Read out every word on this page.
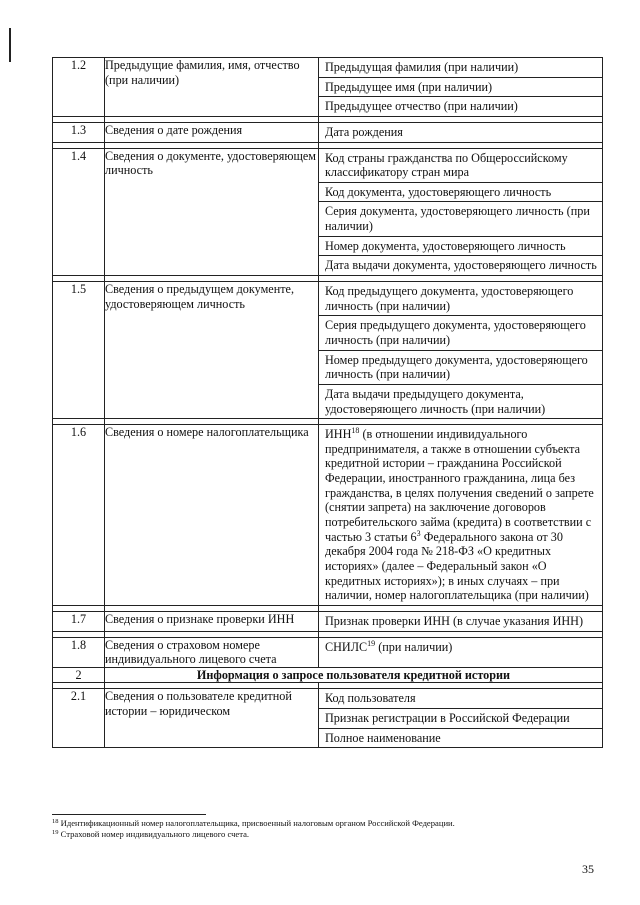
1.2	Предыдущие фамилия, имя, отчество (при наличии)	Предыдущая фамилия (при наличии)
Предыдущее имя (при наличии)
Предыдущее отчество (при наличии)

1.3	Сведения о дате рождения	Дата рождения

1.4	Сведения о документе, удостоверяющем личность	Код страны гражданства по Общероссийскому классификатору стран мира
Код документа, удостоверяющего личность
Серия документа, удостоверяющего личность (при наличии)
Номер документа, удостоверяющего личность
Дата выдачи документа, удостоверяющего личность

1.5	Сведения о предыдущем документе, удостоверяющем личность	Код предыдущего документа, удостоверяющего личность (при наличии)
Серия предыдущего документа, удостоверяющего личность (при наличии)
Номер предыдущего документа, удостоверяющего личность (при наличии)
Дата выдачи предыдущего документа, удостоверяющего личность (при наличии)

1.6	Сведения о номере налогоплательщика	ИНН$^{18}$ (в отношении индивидуального предпринимателя, а также в отношении субъекта кредитной истории – гражданина Российской Федерации, иностранного гражданина, лица без гражданства, в целях получения сведений о запрете (снятии запрета) на заключение договоров потребительского займа (кредита) в соответствии с частью 3 статьи $6^3$ Федерального закона от 30 декабря 2004 года № 218-ФЗ «О кредитных историях» (далее – Федеральный закон «О кредитных историях»); в иных случаях – при наличии, номер налогоплательщика (при наличии)

1.7	Сведения о признаке проверки ИНН	Признак проверки ИНН (в случае указания ИНН)

1.8	Сведения о страховом номере индивидуального лицевого счета	СНИЛС$^{19}$ (при наличии)

2	Информация о запросе пользователя кредитной истории	

2.1	Сведения о пользователе кредитной истории – юридическом	Код пользователя
Признак регистрации в Российской Федерации
Полное наименование
$^{18}$ Идентификационный номер налогоплательщика, присвоенный налоговым органом Российской Федерации.
$^{19}$ Страховой номер индивидуального лицевого счета.
35
